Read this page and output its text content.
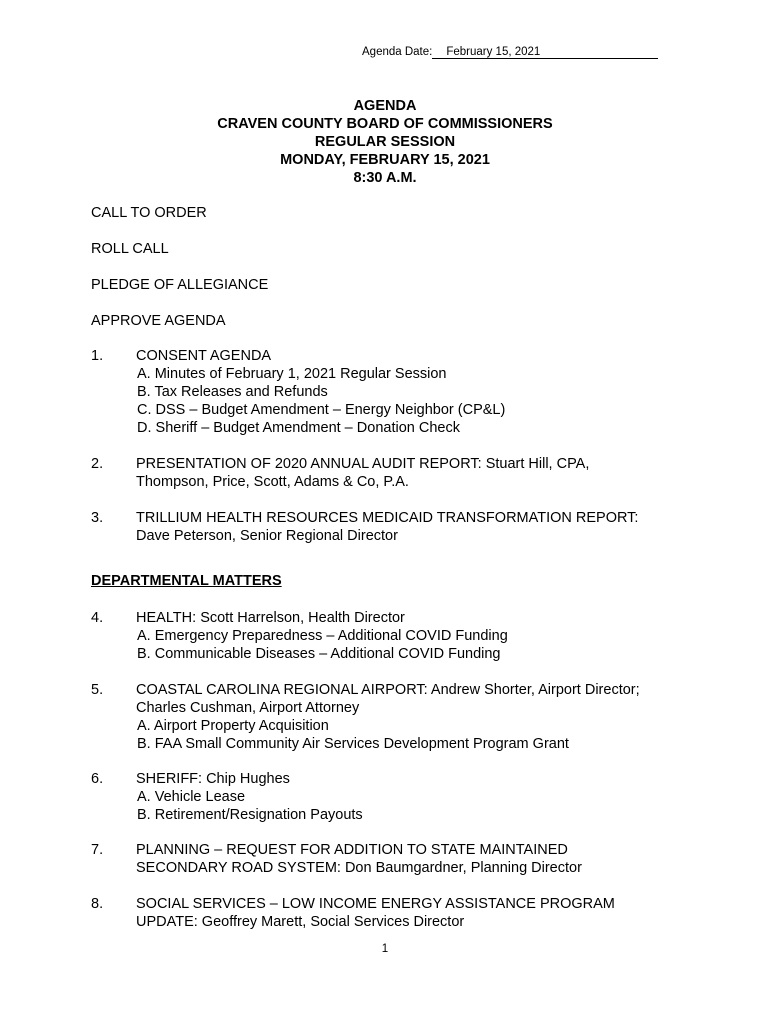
Agenda Date: February 15, 2021
AGENDA
CRAVEN COUNTY BOARD OF COMMISSIONERS
REGULAR SESSION
MONDAY, FEBRUARY 15, 2021
8:30 A.M.
CALL TO ORDER
ROLL CALL
PLEDGE OF ALLEGIANCE
APPROVE AGENDA
1. CONSENT AGENDA
A. Minutes of February 1, 2021 Regular Session
B. Tax Releases and Refunds
C. DSS – Budget Amendment – Energy Neighbor (CP&L)
D. Sheriff – Budget Amendment – Donation Check
2. PRESENTATION OF 2020 ANNUAL AUDIT REPORT: Stuart Hill, CPA,
Thompson, Price, Scott, Adams & Co, P.A.
3. TRILLIUM HEALTH RESOURCES MEDICAID TRANSFORMATION REPORT:
Dave Peterson, Senior Regional Director
DEPARTMENTAL MATTERS
4. HEALTH: Scott Harrelson, Health Director
A. Emergency Preparedness – Additional COVID Funding
B. Communicable Diseases – Additional COVID Funding
5. COASTAL CAROLINA REGIONAL AIRPORT: Andrew Shorter, Airport Director;
Charles Cushman, Airport Attorney
A. Airport Property Acquisition
B. FAA Small Community Air Services Development Program Grant
6. SHERIFF: Chip Hughes
A. Vehicle Lease
B. Retirement/Resignation Payouts
7. PLANNING – REQUEST FOR ADDITION TO STATE MAINTAINED
SECONDARY ROAD SYSTEM: Don Baumgardner, Planning Director
8. SOCIAL SERVICES – LOW INCOME ENERGY ASSISTANCE PROGRAM
UPDATE: Geoffrey Marett, Social Services Director
1
